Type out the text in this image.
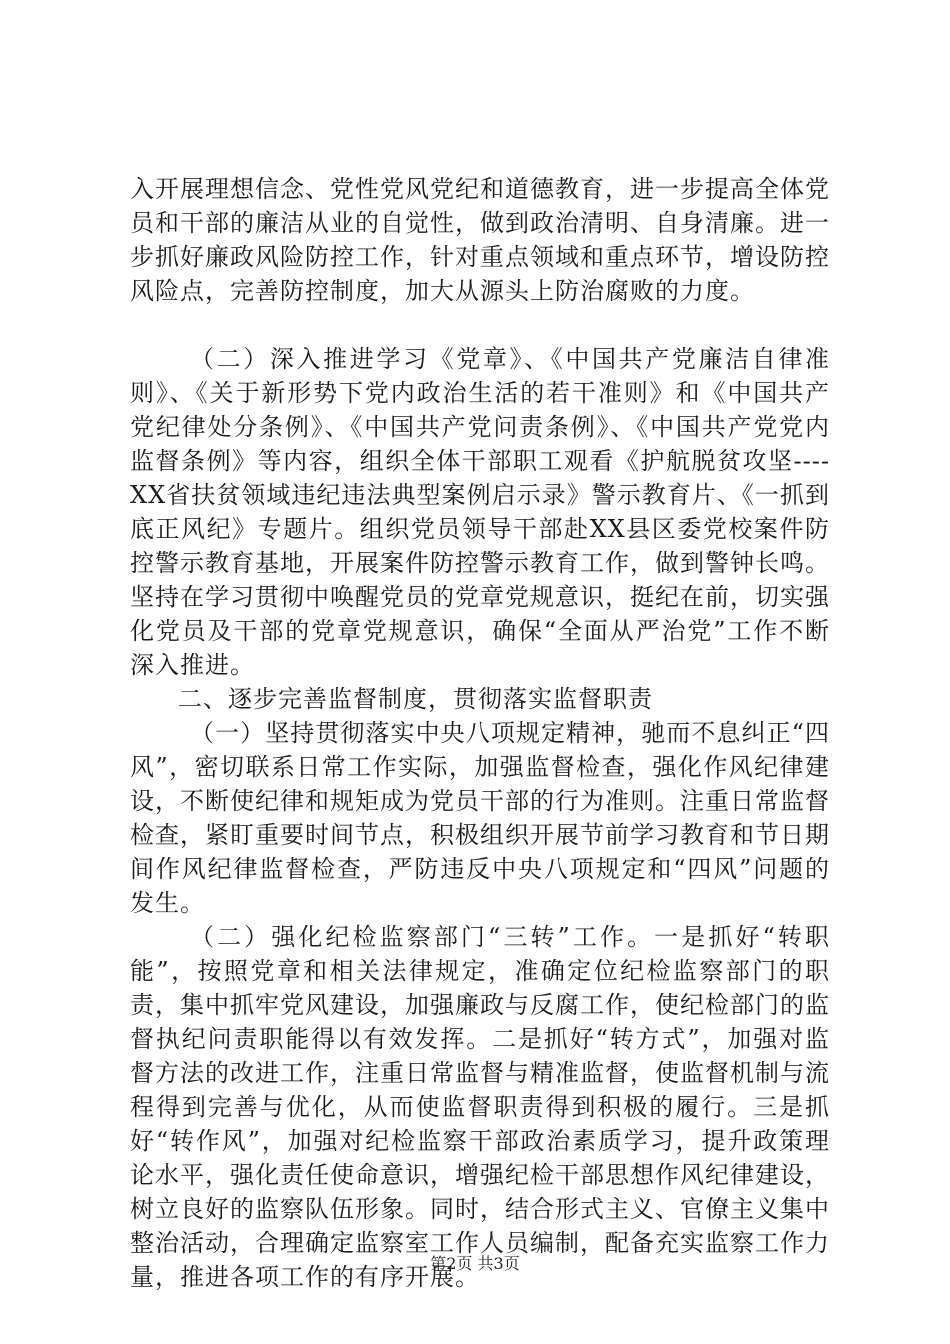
入开展理想信念、党性党风党纪和道德教育，进一步提高全体党员和干部的廉洁从业的自觉性，做到政治清明、自身清廉。进一步抓好廉政风险防控工作，针对重点领域和重点环节，增设防控风险点，完善防控制度，加大从源头上防治腐败的力度。

（二）深入推进学习《党章》、《中国共产党廉洁自律准则》、《关于新形势下党内政治生活的若干准则》和《中国共产党纪律处分条例》、《中国共产党问责条例》、《中国共产党党内监督条例》等内容，组织全体干部职工观看《护航脱贫攻坚----XX省扶贫领域违纪违法典型案例启示录》警示教育片、《一抓到底正风纪》专题片。组织党员领导干部赴XX县区委党校案件防控警示教育基地，开展案件防控警示教育工作，做到警钟长鸣。坚持在学习贯彻中唤醒党员的党章党规意识，挺纪在前，切实强化党员及干部的党章党规意识，确保“全面从严治党”工作不断深入推进。

二、逐步完善监督制度，贯彻落实监督职责

（一）坚持贯彻落实中央八项规定精神，驰而不息纠正“四风”，密切联系日常工作实际，加强监督检查，强化作风纪律建设，不断使纪律和规矩成为党员干部的行为准则。注重日常监督检查，紧盯重要时间节点，积极组织开展节前学习教育和节日期间作风纪律监督检查，严防违反中央八项规定和“四风”问题的发生。

（二）强化纪检监察部门“三转”工作。一是抓好“转职能”，按照党章和相关法律规定，准确定位纪检监察部门的职责，集中抓牢党风建设，加强廉政与反腐工作，使纪检部门的监督执纪问责职能得以有效发挥。二是抓好“转方式”，加强对监督方法的改进工作，注重日常监督与精准监督，使监督机制与流程得到完善与优化，从而使监督职责得到积极的履行。三是抓好“转作风”，加强对纪检监察干部政治素质学习，提升政策理论水平，强化责任使命意识，增强纪检干部思想作风纪律建设，树立良好的监察队伍形象。同时，结合形式主义、官僚主义集中整治活动，合理确定监察室工作人员编制，配备充实监察工作力量，推进各项工作的有序开展。

第2页 共3页
